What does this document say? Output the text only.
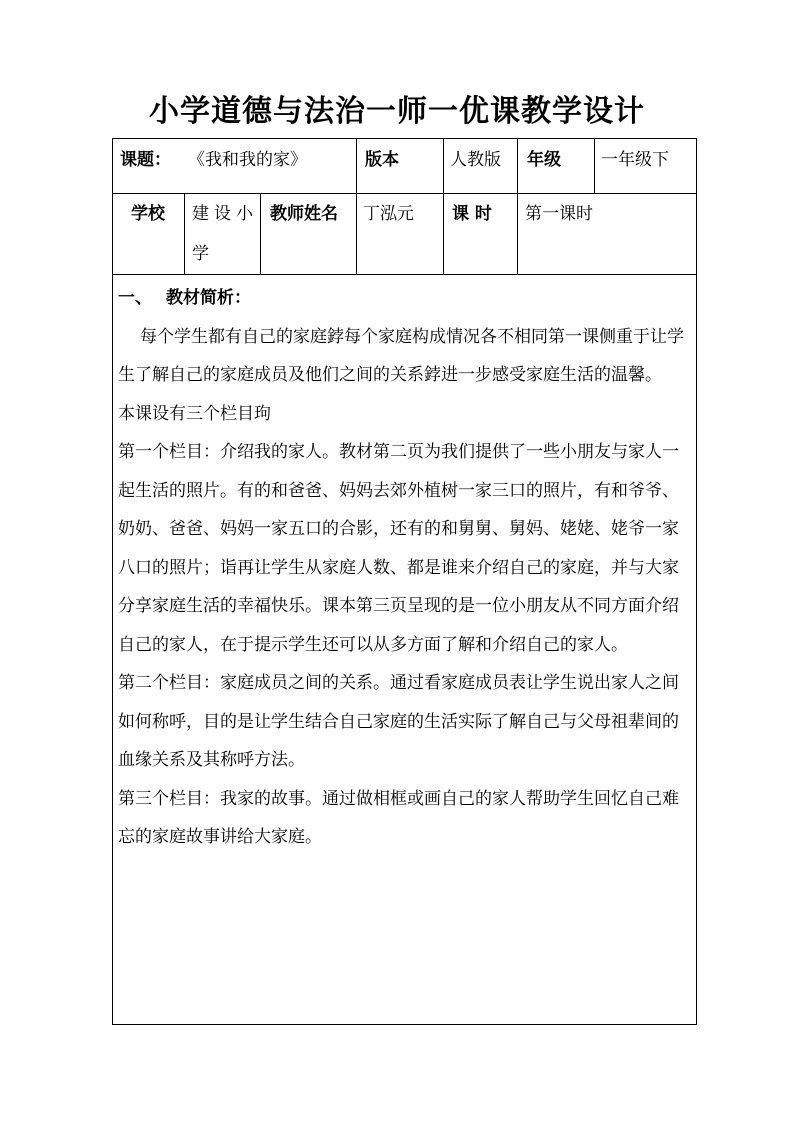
小学道德与法治一师一优课教学设计
课题： 《我和我的家》	版本	人教版 年级 一年级下
学校 建设小学
教师姓名 丁泓元 课 时 第一课时

一、 教材简析：

每个学生都有自己的家庭鋍每个家庭构成情况各不相同第一课侧重于让学生了解自己的家庭成员及他们之间的关系鋍进一步感受家庭生活的温馨。

本课设有三个栏目玽

第一个栏目：介绍我的家人。教材第二页为我们提供了一些小朋友与家人一起生活的照片。有的和爸爸、妈妈去郊外植树一家三口的照片，有和爷爷、奶奶、爸爸、妈妈一家五口的合影，还有的和舅舅、舅妈、姥姥、姥爷一家八口的照片；诣再让学生从家庭人数、都是谁来介绍自己的家庭，并与大家分享家庭生活的幸福快乐。课本第三页呈现的是一位小朋友从不同方面介绍自己的家人，在于提示学生还可以从多方面了解和介绍自己的家人。

第二个栏目：家庭成员之间的关系。通过看家庭成员表让学生说出家人之间如何称呼，目的是让学生结合自己家庭的生活实际了解自己与父母祖辈间的血缘关系及其称呼方法。

第三个栏目：我家的故事。通过做相框或画自己的家人帮助学生回忆自己难忘的家庭故事讲给大家庭。
